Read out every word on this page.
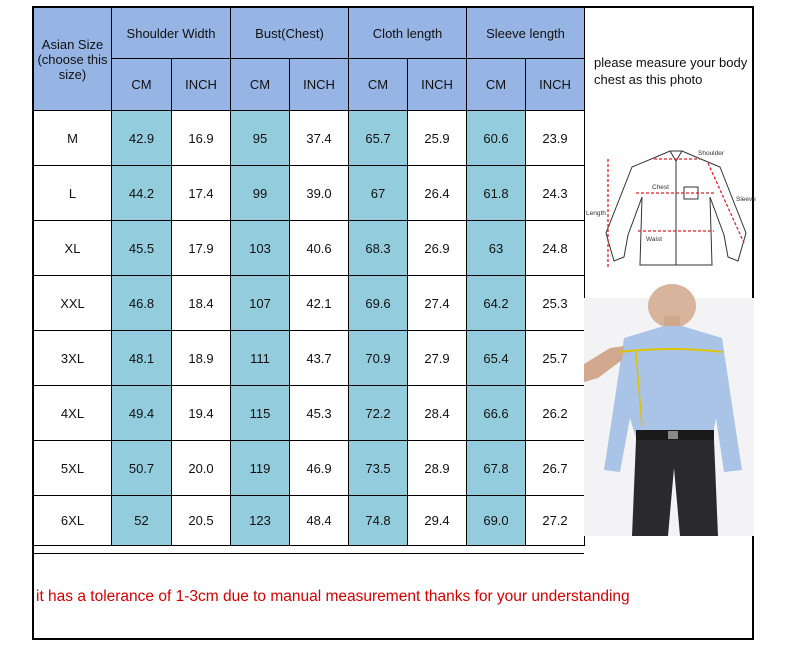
Asian Size (choose this size)	Shoulder Width		Bust(Chest)		Cloth length		Sleeve length	
	CM	INCH	CM	INCH	CM	INCH	CM	INCH
M	42.9	16.9	95	37.4	65.7	25.9	60.6	23.9
L	44.2	17.4	99	39.0	67	26.4	61.8	24.3
XL	45.5	17.9	103	40.6	68.3	26.9	63	24.8
XXL	46.8	18.4	107	42.1	69.6	27.4	64.2	25.3
3XL	48.1	18.9	111	43.7	70.9	27.9	65.4	25.7
4XL	49.4	19.4	115	45.3	72.2	28.4	66.6	26.2
5XL	50.7	20.0	119	46.9	73.5	28.9	67.8	26.7
6XL	52	20.5	123	48.4	74.8	29.4	69.0	27.2
please measure your body chest as this photo
Shoulder
Sleeve
Length
Chest
Waist
it has a tolerance of 1-3cm due to manual measurement thanks for your understanding
